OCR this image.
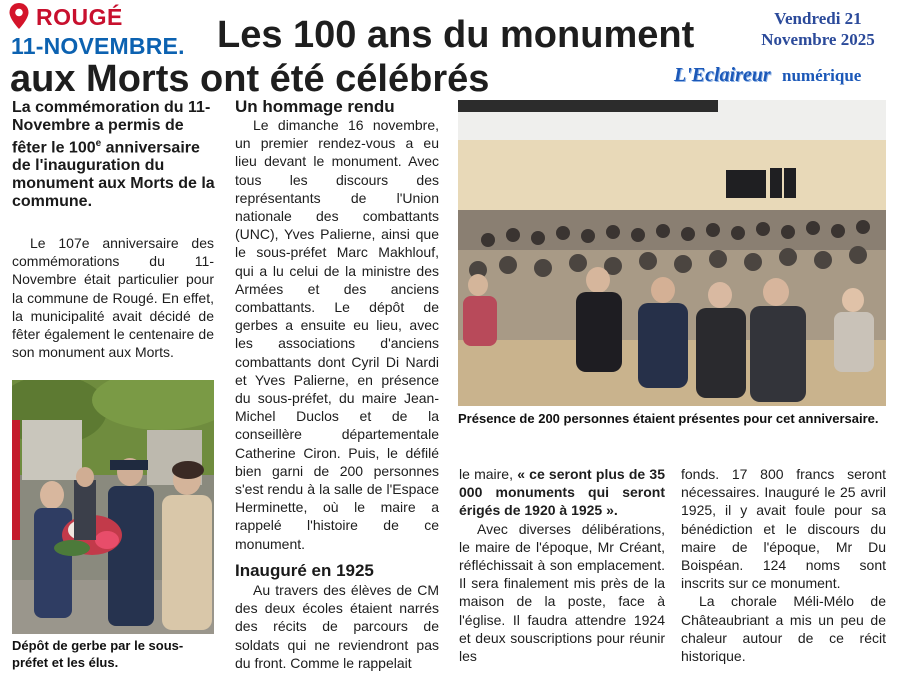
ROUGÉ
11-NOVEMBRE. Les 100 ans du monument
aux Morts ont été célébrés
Vendredi 21
Novembre 2025
L'Eclaireur numérique
La commémoration du 11-Novembre a permis de fêter le 100e anniversaire de l'inauguration du monument aux Morts de la commune.

Le 107e anniversaire des commémorations du 11-Novembre était particulier pour la commune de Rougé. En effet, la municipalité avait décidé de fêter également le centenaire de son monument aux Morts.

Dépôt de gerbe par le sous-préfet et les élus.
Un hommage rendu

Le dimanche 16 novembre, un premier rendez-vous a eu lieu devant le monument. Avec tous les discours des représentants de l'Union nationale des combattants (UNC), Yves Palierne, ainsi que le sous-préfet Marc Makhlouf, qui a lu celui de la ministre des Armées et des anciens combattants. Le dépôt de gerbes a ensuite eu lieu, avec les associations d'anciens combattants dont Cyril Di Nardi et Yves Palierne, en présence du sous-préfet, du maire Jean-Michel Duclos et de la conseillère départementale Catherine Ciron. Puis, le défilé bien garni de 200 personnes s'est rendu à la salle de l'Espace Herminette, où le maire a rappelé l'histoire de ce monument.

Inauguré en 1925

Au travers des élèves de CM des deux écoles étaient narrés des récits de parcours de soldats qui ne reviendront pas du front. Comme le rappelait

Présence de 200 personnes étaient présentes pour cet anniversaire.

le maire, « ce seront plus de 35 000 monuments qui seront érigés de 1920 à 1925 ».

Avec diverses délibérations, le maire de l'époque, Mr Créant, réfléchissait à son emplacement. Il sera finalement mis près de la maison de la poste, face à l'église. Il faudra attendre 1924 et deux souscriptions pour réunir les

fonds. 17 800 francs seront nécessaires. Inauguré le 25 avril 1925, il y avait foule pour sa bénédiction et le discours du maire de l'époque, Mr Du Boispéan. 124 noms sont inscrits sur ce monument.

La chorale Méli-Mélo de Châteaubriant a mis un peu de chaleur autour de ce récit historique.
